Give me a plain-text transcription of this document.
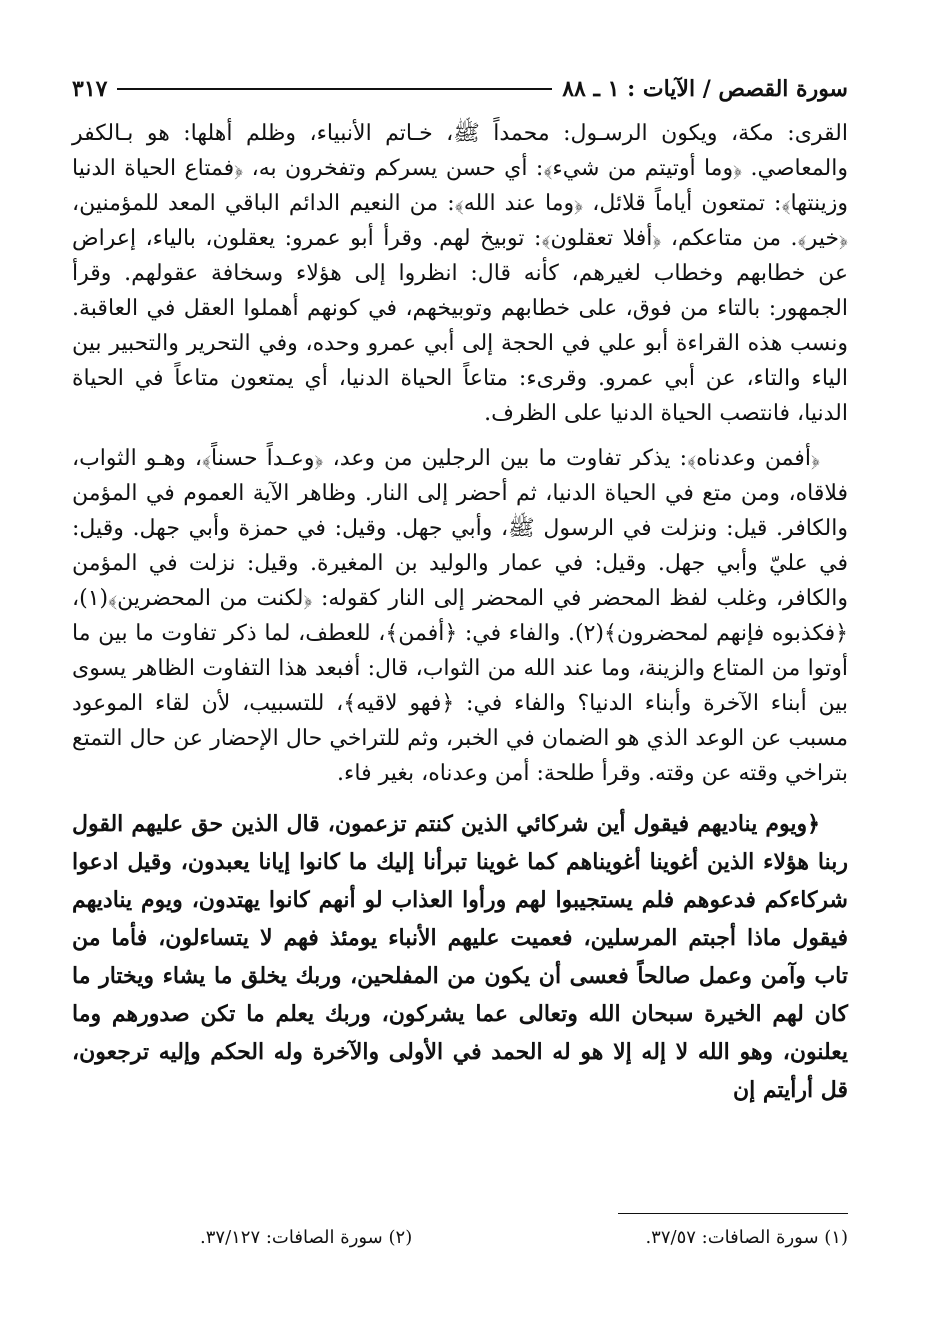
سورة القصص / الآيات : ١ ـ ٨٨
٣١٧

القرى: مكة، ويكون الرسـول: محمداً ﷺ، خـاتم الأنبياء، وظلم أهلها: هو بـالكفر والمعاصي. ﴿وما أوتيتم من شيء﴾: أي حسن يسركم وتفخرون به، ﴿فمتاع الحياة الدنيا وزينتها﴾: تمتعون أياماً قلائل، ﴿وما عند الله﴾: من النعيم الدائم الباقي المعد للمؤمنين، ﴿خير﴾. من متاعكم، ﴿أفلا تعقلون﴾: توبيخ لهم. وقرأ أبو عمرو: يعقلون، بالياء، إعراض عن خطابهم وخطاب لغيرهم، كأنه قال: انظروا إلى هؤلاء وسخافة عقولهم. وقرأ الجمهور: بالتاء من فوق، على خطابهم وتوبيخهم، في كونهم أهملوا العقل في العاقبة. ونسب هذه القراءة أبو علي في الحجة إلى أبي عمرو وحده، وفي التحرير والتحبير بين الياء والتاء، عن أبي عمرو. وقرىء: متاعاً الحياة الدنيا، أي يمتعون متاعاً في الحياة الدنيا، فانتصب الحياة الدنيا على الظرف.

﴿أفمن وعدناه﴾: يذكر تفاوت ما بين الرجلين من وعد، ﴿وعـداً حسناً﴾، وهـو الثواب، فلاقاه، ومن متع في الحياة الدنيا، ثم أحضر إلى النار. وظاهر الآية العموم في المؤمن والكافر. قيل: ونزلت في الرسول ﷺ، وأبي جهل. وقيل: في حمزة وأبي جهل. وقيل: في عليّ وأبي جهل. وقيل: في عمار والوليد بن المغيرة. وقيل: نزلت في المؤمن والكافر، وغلب لفظ المحضر في المحضر إلى النار كقوله: ﴿لكنت من المحضرين﴾(١)، ﴿فكذبوه فإنهم لمحضرون﴾(٢). والفاء في: ﴿أفمن﴾، للعطف، لما ذكر تفاوت ما بين ما أوتوا من المتاع والزينة، وما عند الله من الثواب، قال: أفبعد هذا التفاوت الظاهر يسوى بين أبناء الآخرة وأبناء الدنيا؟ والفاء في: ﴿فهو لاقيه﴾، للتسبيب، لأن لقاء الموعود مسبب عن الوعد الذي هو الضمان في الخبر، وثم للتراخي حال الإحضار عن حال التمتع بتراخي وقته عن وقته. وقرأ طلحة: أمن وعدناه، بغير فاء.

﴿ويوم يناديهم فيقول أين شركائي الذين كنتم تزعمون، قال الذين حق عليهم القول ربنا هؤلاء الذين أغوينا أغويناهم كما غوينا تبرأنا إليك ما كانوا إيانا يعبدون، وقيل ادعوا شركاءكم فدعوهم فلم يستجيبوا لهم ورأوا العذاب لو أنهم كانوا يهتدون، ويوم يناديهم فيقول ماذا أجبتم المرسلين، فعميت عليهم الأنباء يومئذ فهم لا يتساءلون، فأما من تاب وآمن وعمل صالحاً فعسى أن يكون من المفلحين، وربك يخلق ما يشاء ويختار ما كان لهم الخيرة سبحان الله وتعالى عما يشركون، وربك يعلم ما تكن صدورهم وما يعلنون، وهو الله لا إله إلا هو له الحمد في الأولى والآخرة وله الحكم وإليه ترجعون، قل أرأيتم إن

(١) سورة الصافات: ٣٧/٥٧.
(٢) سورة الصافات: ٣٧/١٢٧.
